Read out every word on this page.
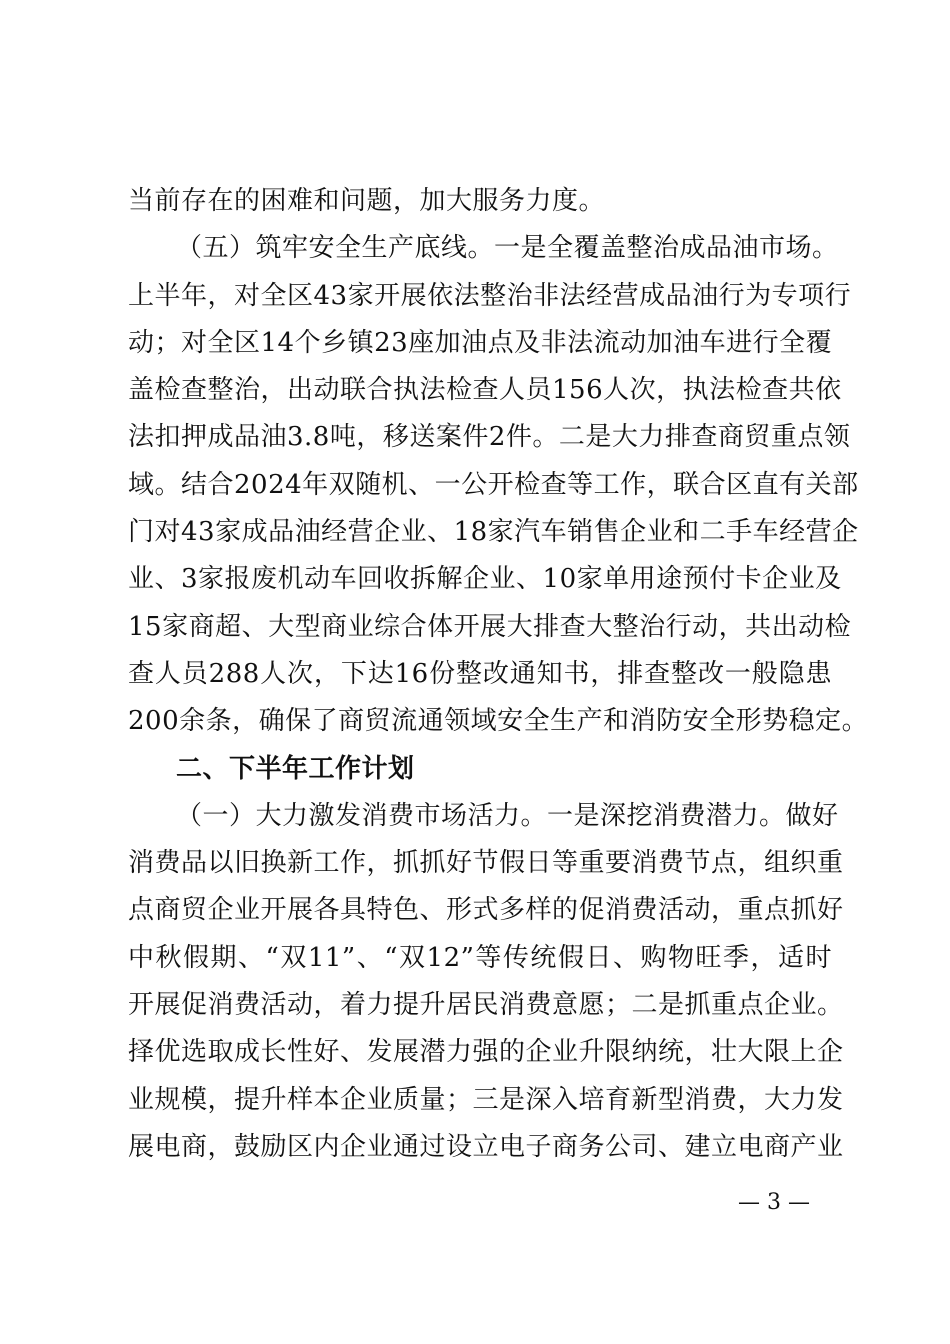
当前存在的困难和问题，加大服务力度。
（五）筑牢安全生产底线。一是全覆盖整治成品油市场。
上半年，对全区43家开展依法整治非法经营成品油行为专项行
动；对全区14个乡镇23座加油点及非法流动加油车进行全覆
盖检查整治，出动联合执法检查人员156人次，执法检查共依
法扣押成品油3.8吨，移送案件2件。二是大力排查商贸重点领
域。结合2024年双随机、一公开检查等工作，联合区直有关部
门对43家成品油经营企业、18家汽车销售企业和二手车经营企
业、3家报废机动车回收拆解企业、10家单用途预付卡企业及
15家商超、大型商业综合体开展大排查大整治行动，共出动检
查人员288人次，下达16份整改通知书，排查整改一般隐患
200余条，确保了商贸流通领域安全生产和消防安全形势稳定。
二、下半年工作计划
（一）大力激发消费市场活力。一是深挖消费潜力。做好
消费品以旧换新工作，抓抓好节假日等重要消费节点，组织重
点商贸企业开展各具特色、形式多样的促消费活动，重点抓好
中秋假期、“双11”、“双12”等传统假日、购物旺季，适时
开展促消费活动，着力提升居民消费意愿；二是抓重点企业。
择优选取成长性好、发展潜力强的企业升限纳统，壮大限上企
业规模，提升样本企业质量；三是深入培育新型消费，大力发
展电商，鼓励区内企业通过设立电子商务公司、建立电商产业
— 3 —
